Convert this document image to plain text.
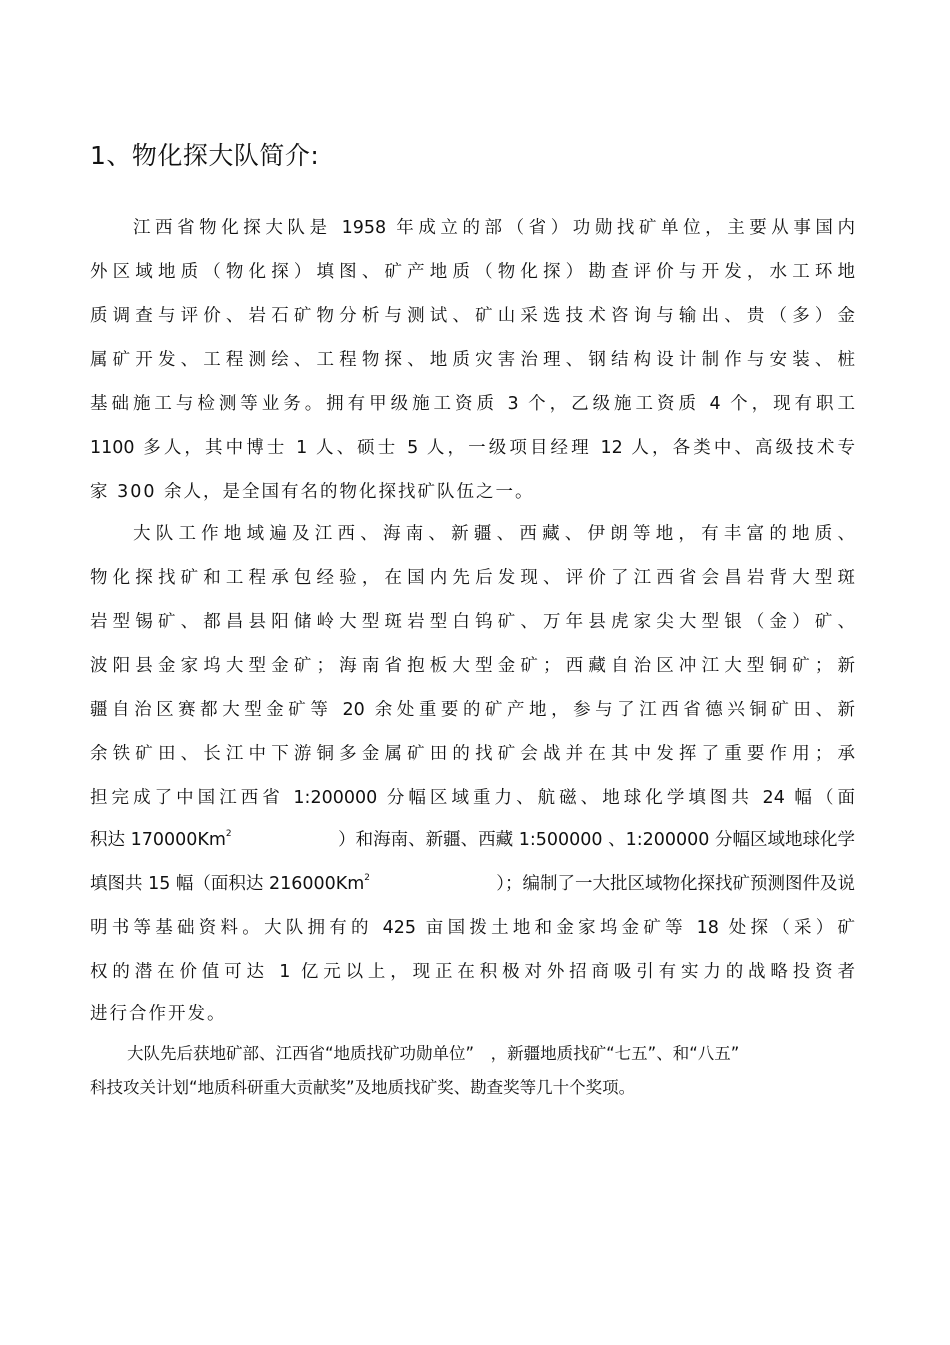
1、物化探大队简介:
江西省物化探大队是 1958 年成立的部（省）功勋找矿单位，主要从事国内
外区域地质（物化探）填图、矿产地质（物化探）勘查评价与开发，水工环地
质调查与评价、岩石矿物分析与测试、矿山采选技术咨询与输出、贵（多）金
属矿开发、工程测绘、工程物探、地质灾害治理、钢结构设计制作与安装、桩
基础施工与检测等业务。拥有甲级施工资质 3 个，乙级施工资质 4 个，现有职工
1100 多人，其中博士 1 人、硕士 5 人，一级项目经理 12 人，各类中、高级技术专
家 300 余人，是全国有名的物化探找矿队伍之一。
大队工作地域遍及江西、海南、新疆、西藏、伊朗等地，有丰富的地质、
物化探找矿和工程承包经验，在国内先后发现、评价了江西省会昌岩背大型斑
岩型锡矿、都昌县阳储岭大型斑岩型白钨矿、万年县虎家尖大型银（金）矿、
波阳县金家坞大型金矿；海南省抱板大型金矿；西藏自治区冲江大型铜矿；新
疆自治区赛都大型金矿等 20 余处重要的矿产地，参与了江西省德兴铜矿田、新
余铁矿田、长江中下游铜多金属矿田的找矿会战并在其中发挥了重要作用；承
担完成了中国江西省 1:200000 分幅区域重力、航磁、地球化学填图共 24 幅（面
积达 170000Km$^2$	）和海南、新疆、西藏 1:500000 、1:200000 分幅区域地球化学
填图共 15 幅（面积达 216000Km$^2$	）；编制了一大批区域物化探找矿预测图件及说
明书等基础资料。大队拥有的 425 亩国拨土地和金家坞金矿等 18 处探（采）矿
权的潜在价值可达 1 亿元以上，现正在积极对外招商吸引有实力的战略投资者
进行合作开发。
大队先后获地矿部、江西省“地质找矿功勋单位”　，新疆地质找矿“七五”、和“八五”
科技攻关计划“地质科研重大贡献奖”及地质找矿奖、勘查奖等几十个奖项。
